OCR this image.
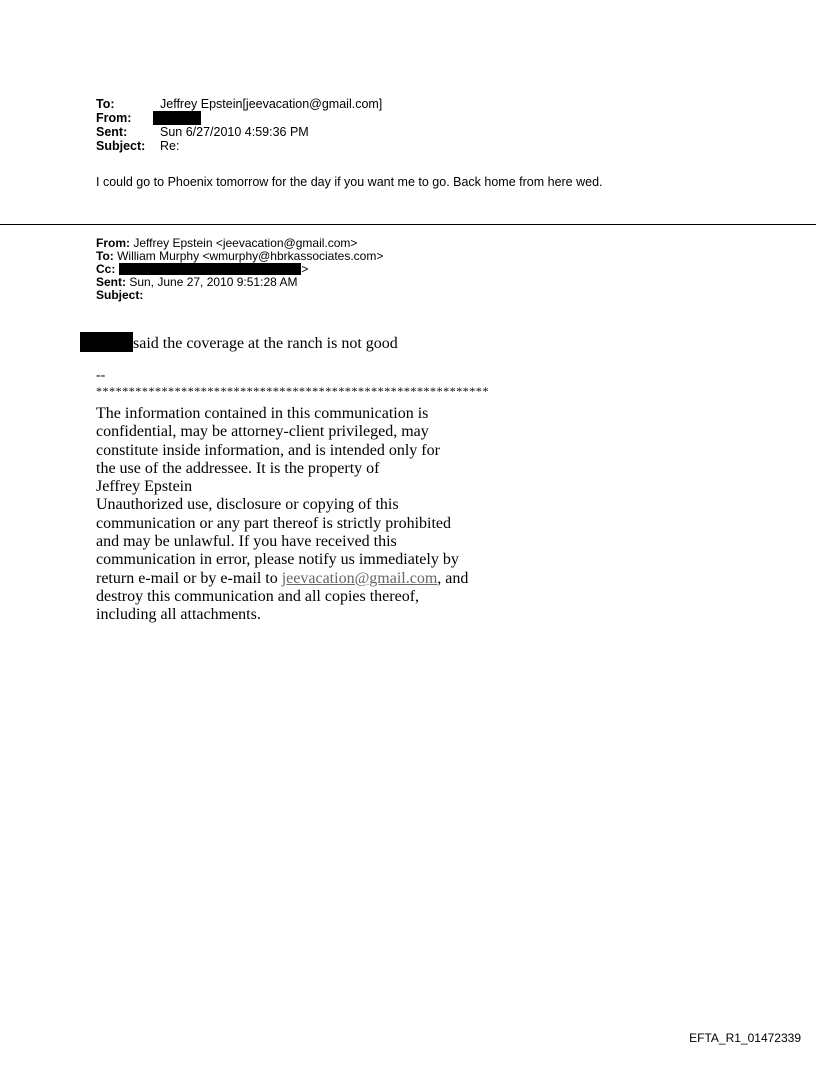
To:	Jeffrey Epstein[jeevacation@gmail.com]
From:
Sent:	Sun 6/27/2010 4:59:36 PM
Subject: Re:
I could go to Phoenix tomorrow for the day if you want me to go. Back home from here wed.
From: Jeffrey Epstein <jeevacation@gmail.com>
To: William Murphy <wmurphy@hbrkassociates.com>
Cc:	>
Sent: Sun, June 27, 2010 9:51:28 AM
Subject:
said the coverage at the ranch is not good
--
************************************************************
The information contained in this communication is
confidential, may be attorney-client privileged, may
constitute inside information, and is intended only for
the use of the addressee. It is the property of
Jeffrey Epstein
Unauthorized use, disclosure or copying of this
communication or any part thereof is strictly prohibited
and may be unlawful. If you have received this
communication in error, please notify us immediately by
return e-mail or by e-mail to jeevacation@gmail.com, and
destroy this communication and all copies thereof,
including all attachments.
EFTA_R1_01472339
